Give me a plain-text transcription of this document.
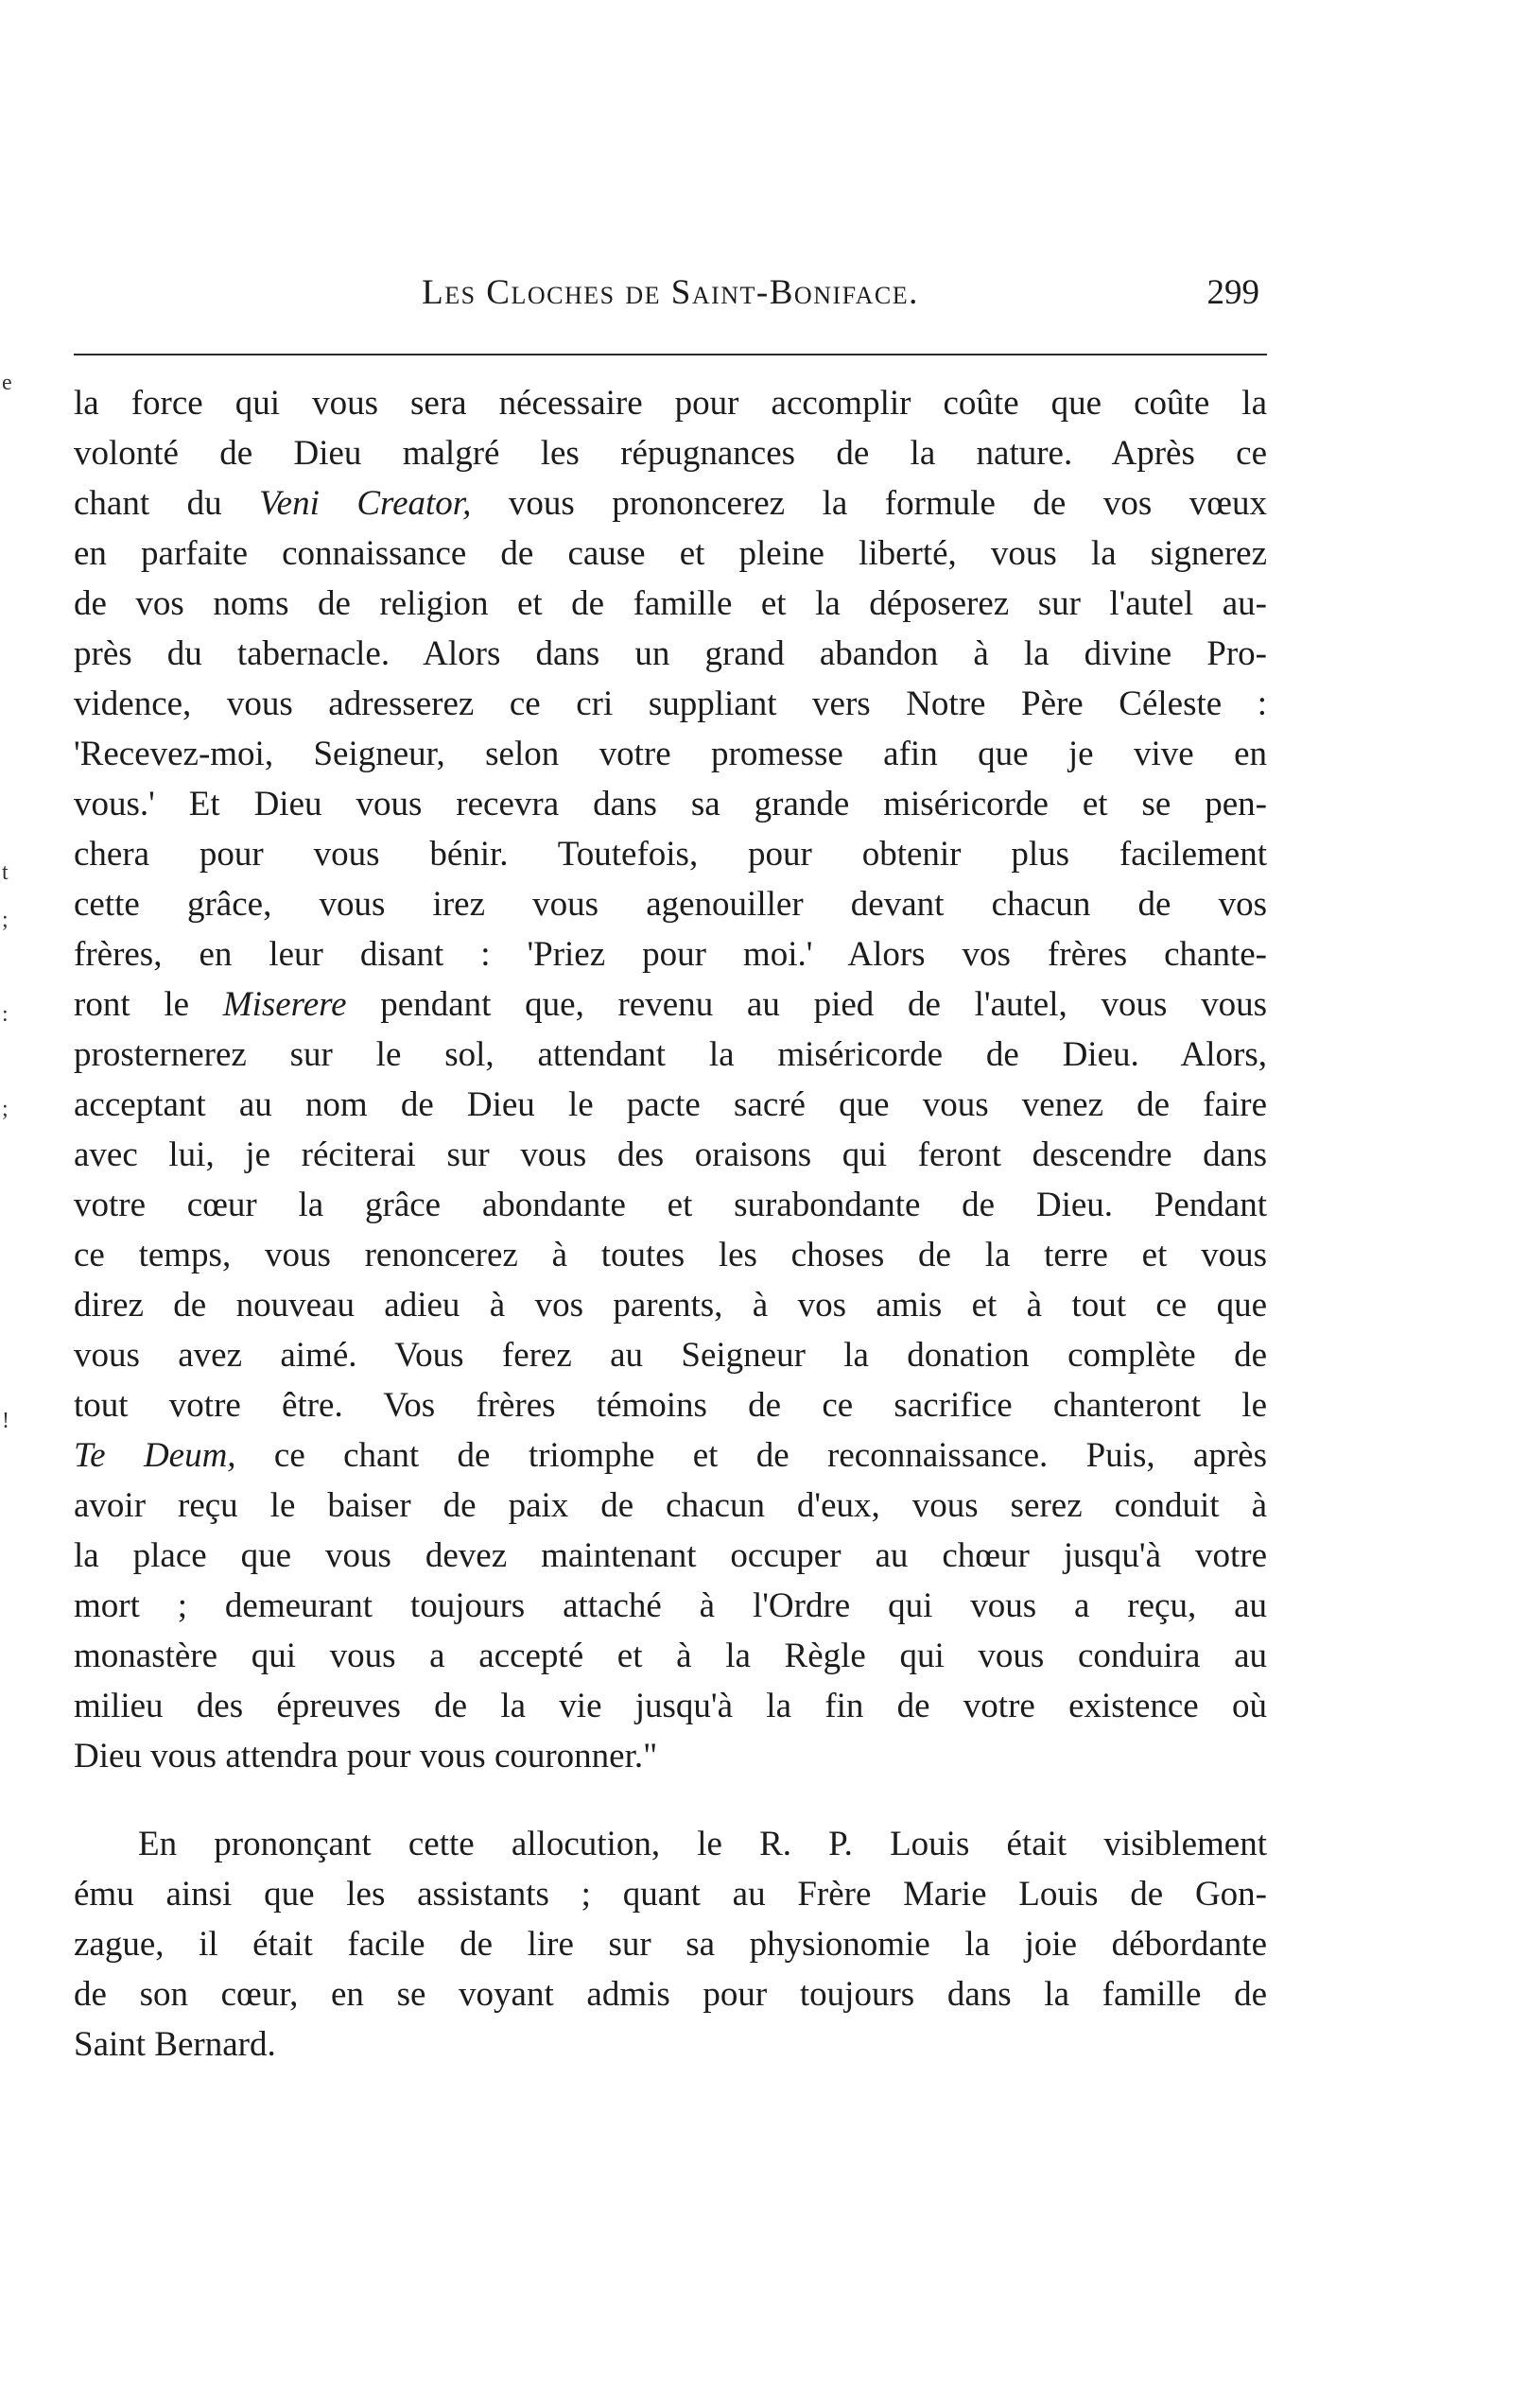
e
t
;
:
;
!
Les Cloches de Saint-Boniface.	299
la force qui vous sera nécessaire pour accomplir coûte que coûte la
volonté de Dieu malgré les répugnances de la nature. Après ce
chant du Veni Creator, vous prononcerez la formule de vos vœux
en parfaite connaissance de cause et pleine liberté, vous la signerez
de vos noms de religion et de famille et la déposerez sur l'autel au-
près du tabernacle. Alors dans un grand abandon à la divine Pro-
vidence, vous adresserez ce cri suppliant vers Notre Père Céleste :
'Recevez-moi, Seigneur, selon votre promesse afin que je vive en
vous.' Et Dieu vous recevra dans sa grande miséricorde et se pen-
chera pour vous bénir. Toutefois, pour obtenir plus facilement
cette grâce, vous irez vous agenouiller devant chacun de vos
frères, en leur disant : 'Priez pour moi.' Alors vos frères chante-
ront le Miserere pendant que, revenu au pied de l'autel, vous vous
prosternerez sur le sol, attendant la miséricorde de Dieu. Alors,
acceptant au nom de Dieu le pacte sacré que vous venez de faire
avec lui, je réciterai sur vous des oraisons qui feront descendre dans
votre cœur la grâce abondante et surabondante de Dieu. Pendant
ce temps, vous renoncerez à toutes les choses de la terre et vous
direz de nouveau adieu à vos parents, à vos amis et à tout ce que
vous avez aimé. Vous ferez au Seigneur la donation complète de
tout votre être. Vos frères témoins de ce sacrifice chanteront le
Te Deum, ce chant de triomphe et de reconnaissance. Puis, après
avoir reçu le baiser de paix de chacun d'eux, vous serez conduit à
la place que vous devez maintenant occuper au chœur jusqu'à votre
mort ; demeurant toujours attaché à l'Ordre qui vous a reçu, au
monastère qui vous a accepté et à la Règle qui vous conduira au
milieu des épreuves de la vie jusqu'à la fin de votre existence où
Dieu vous attendra pour vous couronner."
En prononçant cette allocution, le R. P. Louis était visiblement
ému ainsi que les assistants ; quant au Frère Marie Louis de Gon-
zague, il était facile de lire sur sa physionomie la joie débordante
de son cœur, en se voyant admis pour toujours dans la famille de
Saint Bernard.
